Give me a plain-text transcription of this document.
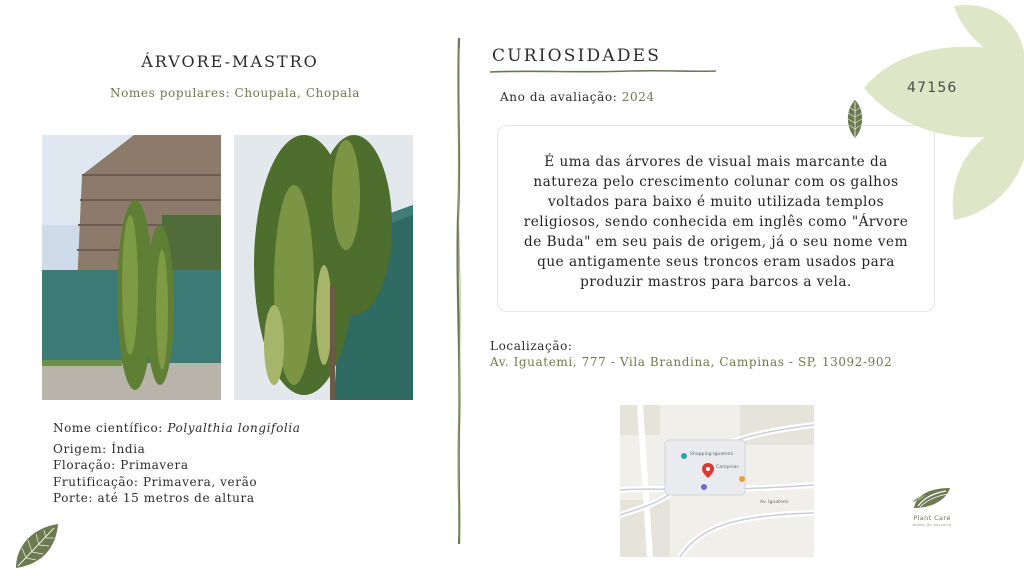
ÁRVORE-MASTRO
Nomes populares: Choupala, Chopala
Nome científico: Polyalthia longifolia
Origem: Índia
Floração: Primavera
Frutificação: Primavera, verão
Porte: até 15 metros de altura
CURIOSIDADES
Ano da avaliação: 2024
É uma das árvores de visual mais marcante da natureza pelo crescimento colunar com os galhos voltados para baixo é muito utilizada templos religiosos, sendo conhecida em inglês como "Árvore de Buda" em seu pais de origem, já o seu nome vem que antigamente seus troncos eram usados para produzir mastros para barcos a vela.
Localização:
Av. Iguatemi, 777 - Vila Brandina, Campinas - SP, 13092-902
Shopping Iguatemi
Campinas
Av. Iguatemi
47156
Plant Care
ações de parceria
